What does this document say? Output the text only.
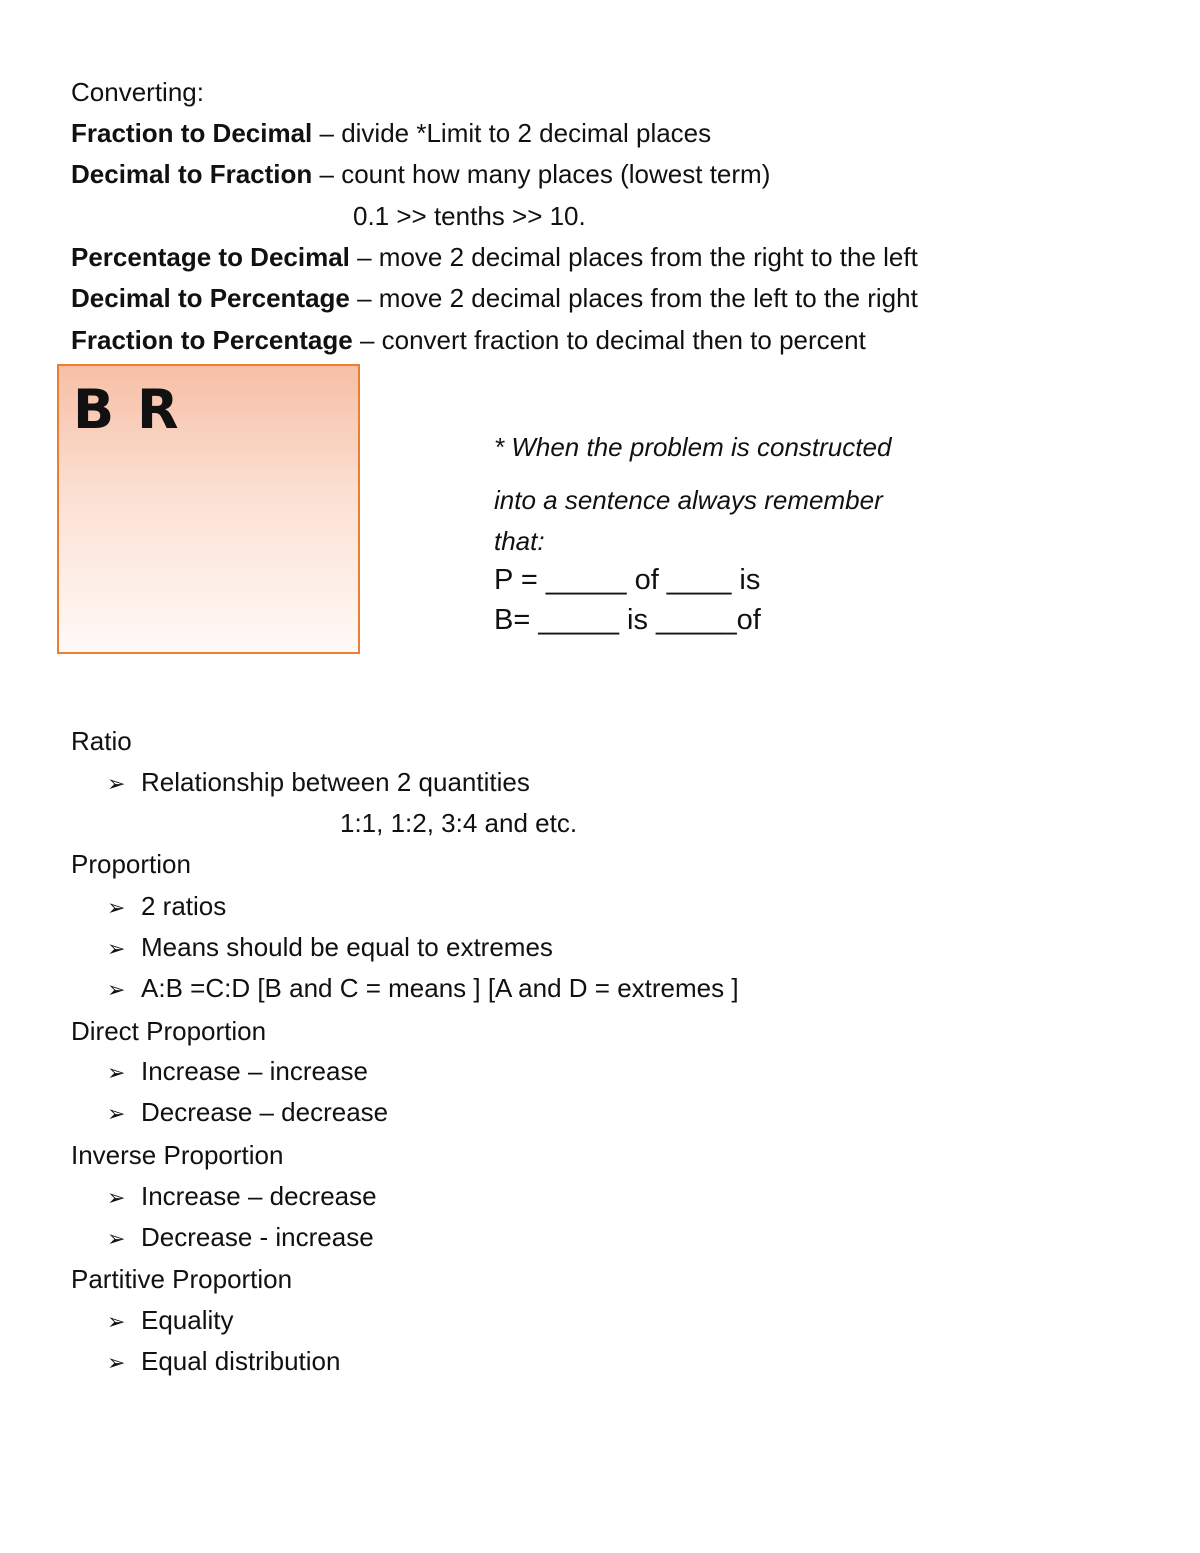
Converting:
Fraction to Decimal – divide *Limit to 2 decimal places
Decimal to Fraction – count how many places (lowest term)
0.1 >> tenths >> 10.
Percentage to Decimal – move 2 decimal places from the right to the left
Decimal to Percentage – move 2 decimal places from the left to the right
Fraction to Percentage – convert fraction to decimal then to percent
B R
* When the problem is constructed
into a sentence always remember
that:
P = _____ of ____ is
B= _____ is _____of
Ratio
➢ Relationship between 2 quantities
1:1, 1:2, 3:4 and etc.
Proportion
➢ 2 ratios
➢ Means should be equal to extremes
➢ A:B =C:D [B and C = means ] [A and D = extremes ]
Direct Proportion
➢ Increase – increase
➢ Decrease – decrease
Inverse Proportion
➢ Increase – decrease
➢ Decrease - increase
Partitive Proportion
➢ Equality
➢ Equal distribution
